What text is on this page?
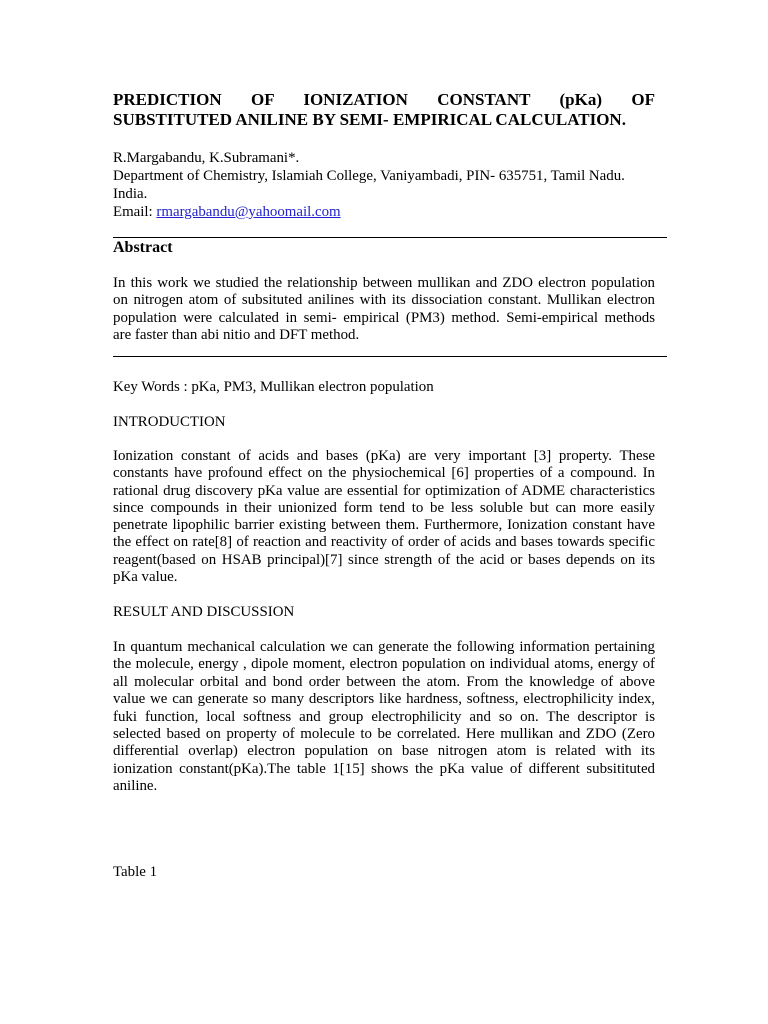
PREDICTION OF IONIZATION CONSTANT (pKa) OF
SUBSTITUTED ANILINE BY SEMI- EMPIRICAL CALCULATION.
R.Margabandu, K.Subramani*.
Department of Chemistry, Islamiah College, Vaniyambadi, PIN- 635751, Tamil Nadu.
India.
Email: rmargabandu@yahoomail.com
Abstract
In this work we studied the relationship between mullikan and ZDO electron population
on nitrogen atom of subsituted anilines with its dissociation constant. Mullikan electron
population were calculated in semi- empirical (PM3) method. Semi-empirical methods
are faster than abi nitio and DFT method.
Key Words : pKa, PM3, Mullikan electron population
INTRODUCTION
Ionization constant of acids and bases (pKa) are very important [3] property. These
constants have profound effect on the physiochemical [6] properties of a compound. In
rational drug discovery pKa value are essential for optimization of ADME characteristics
since compounds in their unionized form tend to be less soluble but can more easily
penetrate lipophilic barrier existing between them. Furthermore, Ionization constant have
the effect on rate[8] of reaction and reactivity of order of acids and bases towards specific
reagent(based on HSAB principal)[7] since strength of the acid or bases depends on its
pKa value.
RESULT AND DISCUSSION
In quantum mechanical calculation we can generate the following information pertaining
the molecule, energy , dipole moment, electron population on individual atoms, energy of
all molecular orbital and bond order between the atom. From the knowledge of above
value we can generate so many descriptors like hardness, softness, electrophilicity index,
fuki function, local softness and group electrophilicity and so on. The descriptor is
selected based on property of molecule to be correlated. Here mullikan and ZDO (Zero
differential overlap) electron population on base nitrogen atom is related with its
ionization constant(pKa).The table 1[15] shows the pKa value of different subsitituted
aniline.
Table 1
